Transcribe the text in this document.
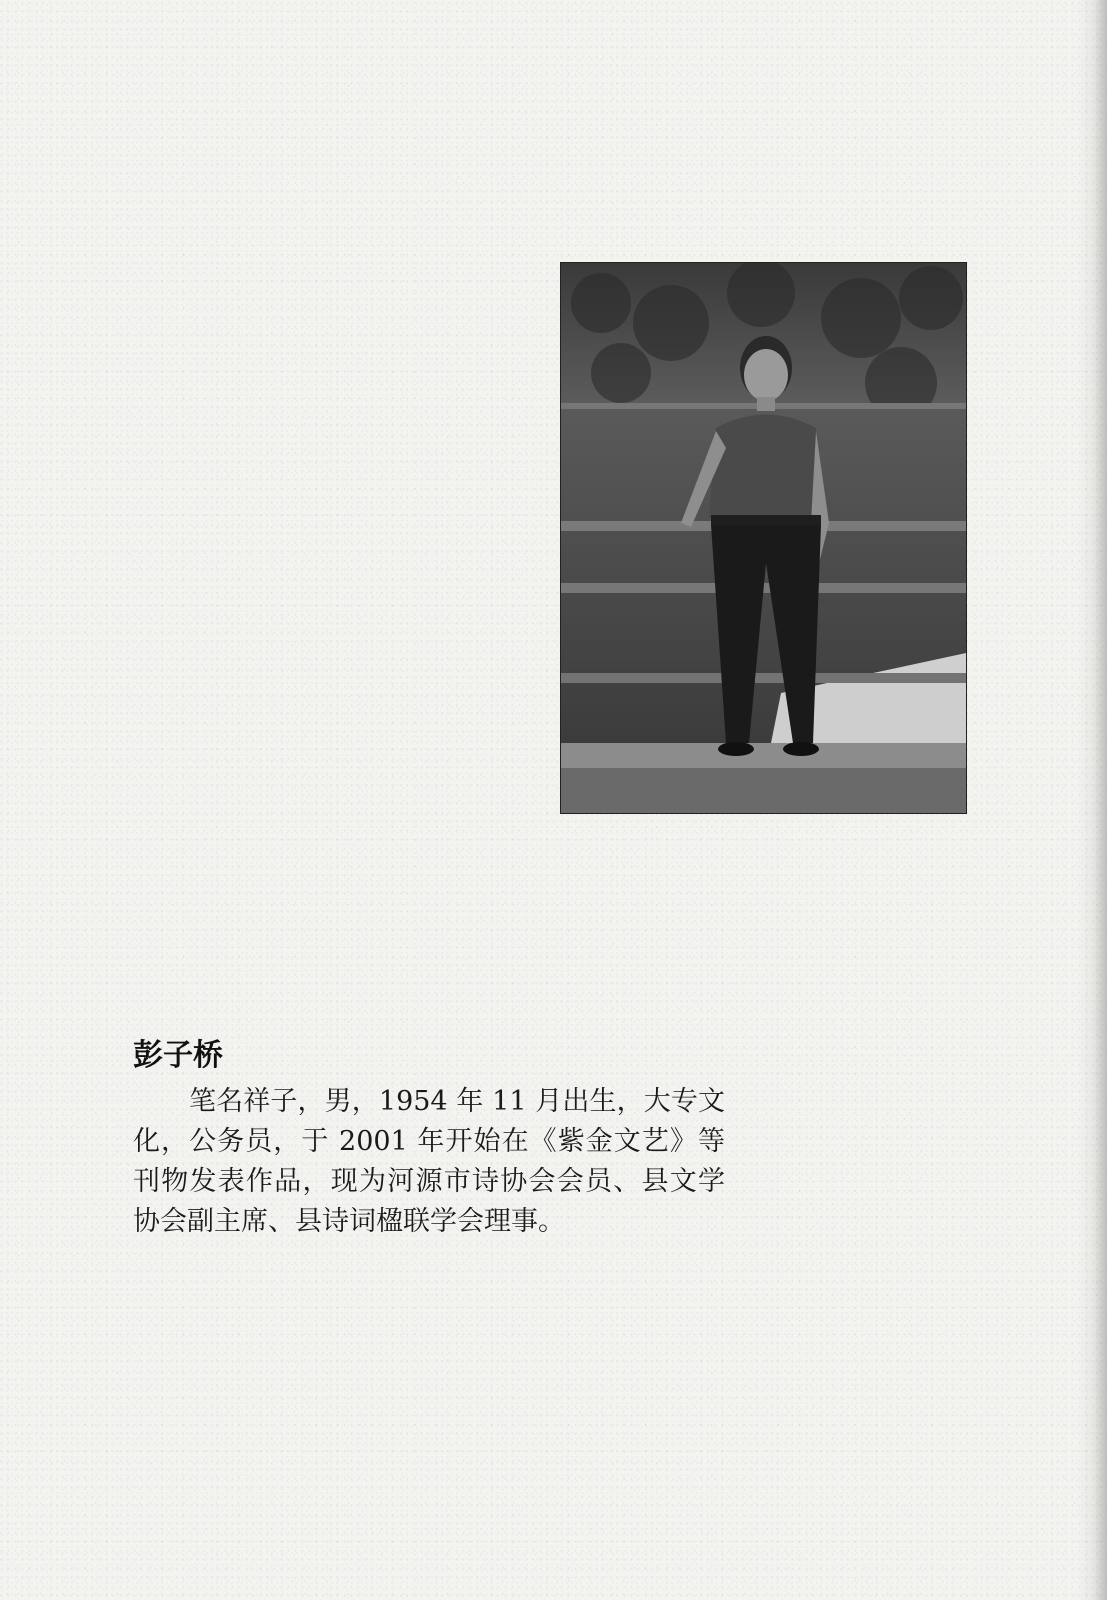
彭子桥

笔名祥子，男，1954 年 11 月出生，大专文化，公务员，于 2001 年开始在《紫金文艺》等刊物发表作品，现为河源市诗协会会员、县文学协会副主席、县诗词楹联学会理事。
